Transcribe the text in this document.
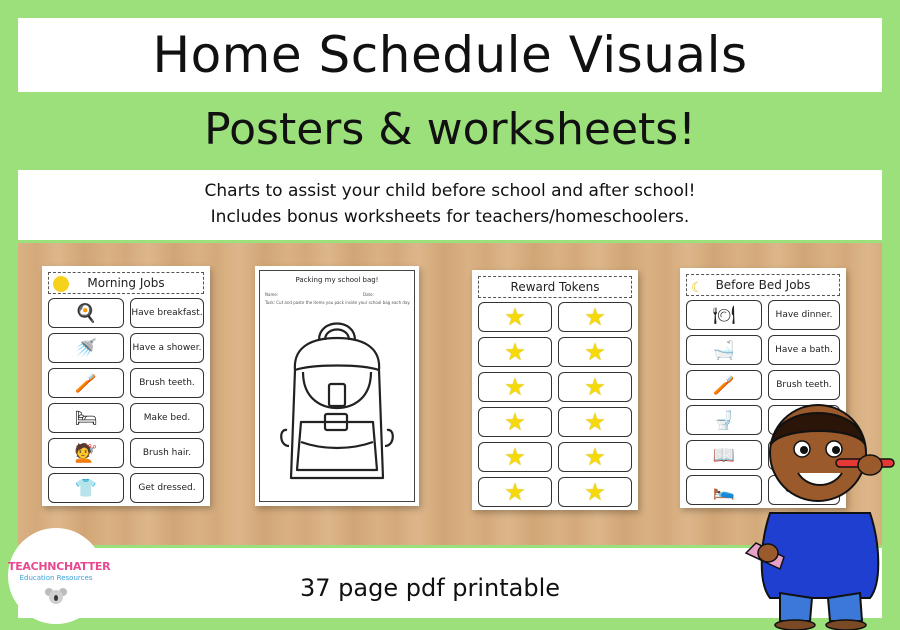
Home Schedule Visuals
Posters & worksheets!
Charts to assist your child before school and after school!
Includes bonus worksheets for teachers/homeschoolers.
Morning Jobs
🍳	Have breakfast.
🚿	Have a shower.
🪥	Brush teeth.
🛏	Make bed.
💇	Brush hair.
👕	Get dressed.
Packing my school bag!
Name:	Date:
Task: Cut and paste the items you pack inside your school bag each day.
Reward Tokens
★	★
★	★
★	★
★	★
★	★
★	★
☾ Before Bed Jobs
🍽	Have dinner.
🛁	Have a bath.
🪥	Brush teeth.
🚽
📖
🛌
37 page pdf printable
TEACHNCHATTER
Education Resources
